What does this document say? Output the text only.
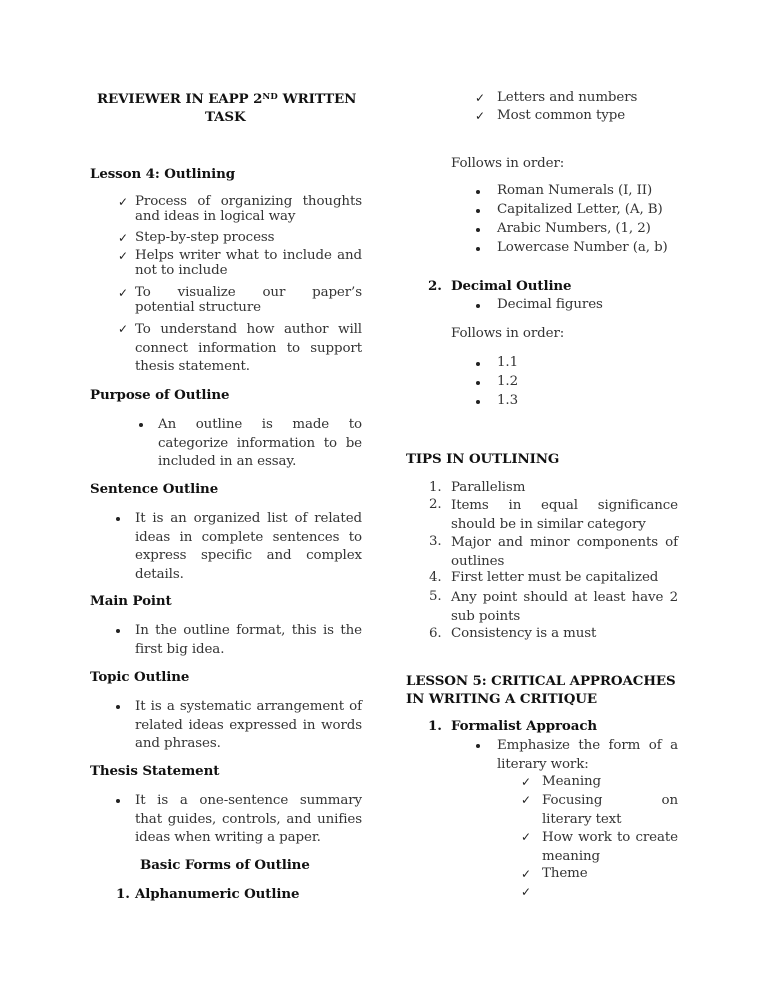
REVIEWER IN EAPP 2ND WRITTEN
TASK
Lesson 4: Outlining
✓ Process of organizing thoughts
and ideas in logical way
✓ Step-by-step process
✓ Helps writer what to include and
not to include
✓ To visualize our paper’s
potential structure
✓ To understand how author will
connect information to support
thesis statement.
Purpose of Outline
An outline is made to
categorize information to be
included in an essay.
Sentence Outline
It is an organized list of related
ideas in complete sentences to
express specific and complex
details.
Main Point
In the outline format, this is the
first big idea.
Topic Outline
It is a systematic arrangement of
related ideas expressed in words
and phrases.
Thesis Statement
It is a one-sentence summary
that guides, controls, and unifies
ideas when writing a paper.
Basic Forms of Outline
1. Alphanumeric Outline
✓ Letters and numbers
✓ Most common type
Follows in order:
Roman Numerals (I, II)
Capitalized Letter, (A, B)
Arabic Numbers, (1, 2)
Lowercase Number (a, b)
2. Decimal Outline
Decimal figures
Follows in order:
1.1
1.2
1.3
TIPS IN OUTLINING
1. Parallelism
2. Items in equal significance
should be in similar category
3. Major and minor components of
outlines
4. First letter must be capitalized
5. Any point should at least have 2
sub points
6. Consistency is a must
LESSON 5: CRITICAL APPROACHES
IN WRITING A CRITIQUE
1. Formalist Approach
Emphasize the form of a
literary work:
✓ Meaning
✓ Focusing on
literary text
✓ How work to create
meaning
✓ Theme
✓
